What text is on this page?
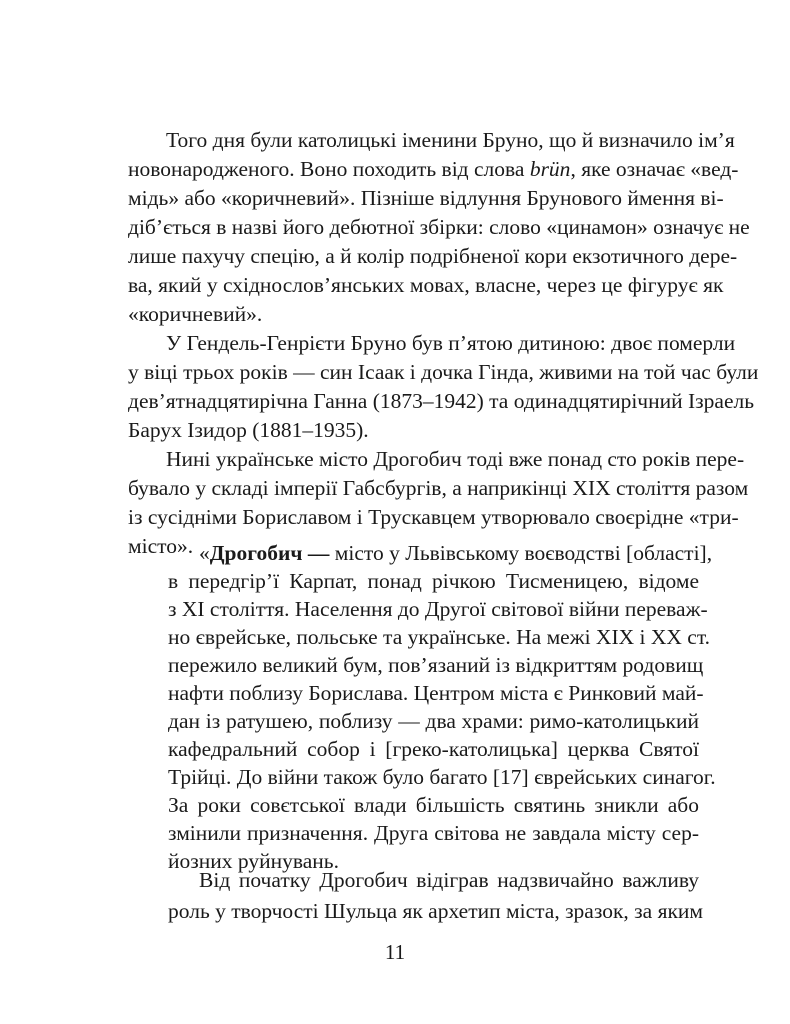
Того дня були католицькі іменини Бруно, що й визначило ім’я
новонародженого. Воно походить від слова brün, яке означає «вед-
мідь» або «коричневий». Пізніше відлуння Брунового ймення ві-
діб’ється в назві його дебютної збірки: слово «цинамон» означує не
лише пахучу спецію, а й колір подрібненої кори екзотичного дере-
ва, який у східнослов’янських мовах, власне, через це фігурує як
«коричневий».
У Гендель-Генрієти Бруно був п’ятою дитиною: двоє померли
у віці трьох років — син Ісаак і дочка Гінда, живими на той час були
дев’ятнадцятирічна Ганна (1873–1942) та одинадцятирічний Ізраель
Барух Ізидор (1881–1935).
Нині українське місто Дрогобич тоді вже понад сто років пере-
бувало у складі імперії Габсбургів, а наприкінці XIX століття разом
із сусідніми Бориславом і Трускавцем утворювало своєрідне «три-
місто». «Дрогобич — місто у Львівському воєводстві [області],
в передгір’ї Карпат, понад річкою Тисменицею, відоме
з XI століття. Населення до Другої світової війни переваж-
но єврейське, польське та українське. На межі XIX і XX ст.
пережило великий бум, пов’язаний із відкриттям родовищ
нафти поблизу Борислава. Центром міста є Ринковий май-
дан із ратушею, поблизу — два храми: римо-католицький
кафедральний собор і [греко-католицька] церква Святої
Трійці. До війни також було багато [17] єврейських синагог.
За роки совєтської влади більшість святинь зникли або
змінили призначення. Друга світова не завдала місту сер-
йозних руйнувань.
11
Від початку Дрогобич відіграв надзвичайно важливу
роль у творчості Шульца як архетип міста, зразок, за яким
